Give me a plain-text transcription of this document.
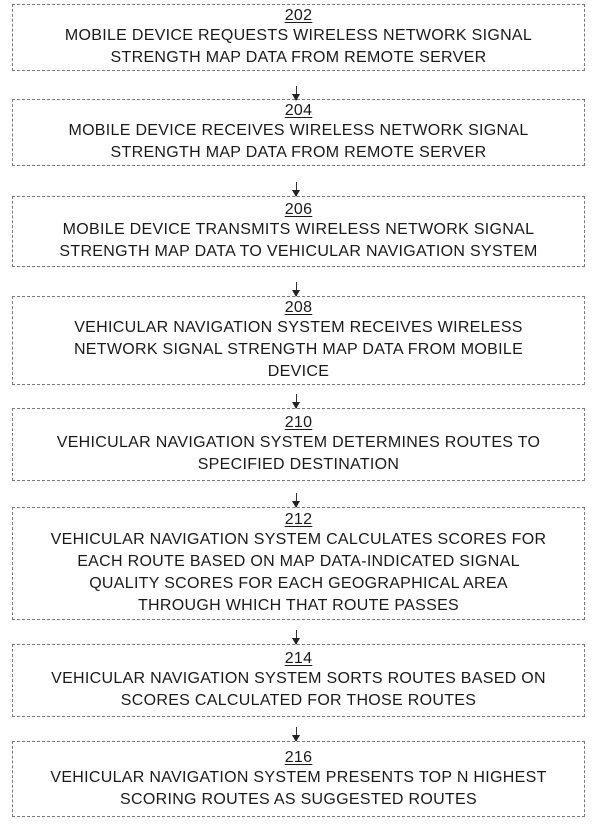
202
MOBILE DEVICE REQUESTS WIRELESS NETWORK SIGNAL
STRENGTH MAP DATA FROM REMOTE SERVER
204
MOBILE DEVICE RECEIVES WIRELESS NETWORK SIGNAL
STRENGTH MAP DATA FROM REMOTE SERVER
206
MOBILE DEVICE TRANSMITS WIRELESS NETWORK SIGNAL
STRENGTH MAP DATA TO VEHICULAR NAVIGATION SYSTEM
208
VEHICULAR NAVIGATION SYSTEM RECEIVES WIRELESS
NETWORK SIGNAL STRENGTH MAP DATA FROM MOBILE
DEVICE
210
VEHICULAR NAVIGATION SYSTEM DETERMINES ROUTES TO
SPECIFIED DESTINATION
212
VEHICULAR NAVIGATION SYSTEM CALCULATES SCORES FOR
EACH ROUTE BASED ON MAP DATA-INDICATED SIGNAL
QUALITY SCORES FOR EACH GEOGRAPHICAL AREA
THROUGH WHICH THAT ROUTE PASSES
214
VEHICULAR NAVIGATION SYSTEM SORTS ROUTES BASED ON
SCORES CALCULATED FOR THOSE ROUTES
216
VEHICULAR NAVIGATION SYSTEM PRESENTS TOP N HIGHEST
SCORING ROUTES AS SUGGESTED ROUTES
